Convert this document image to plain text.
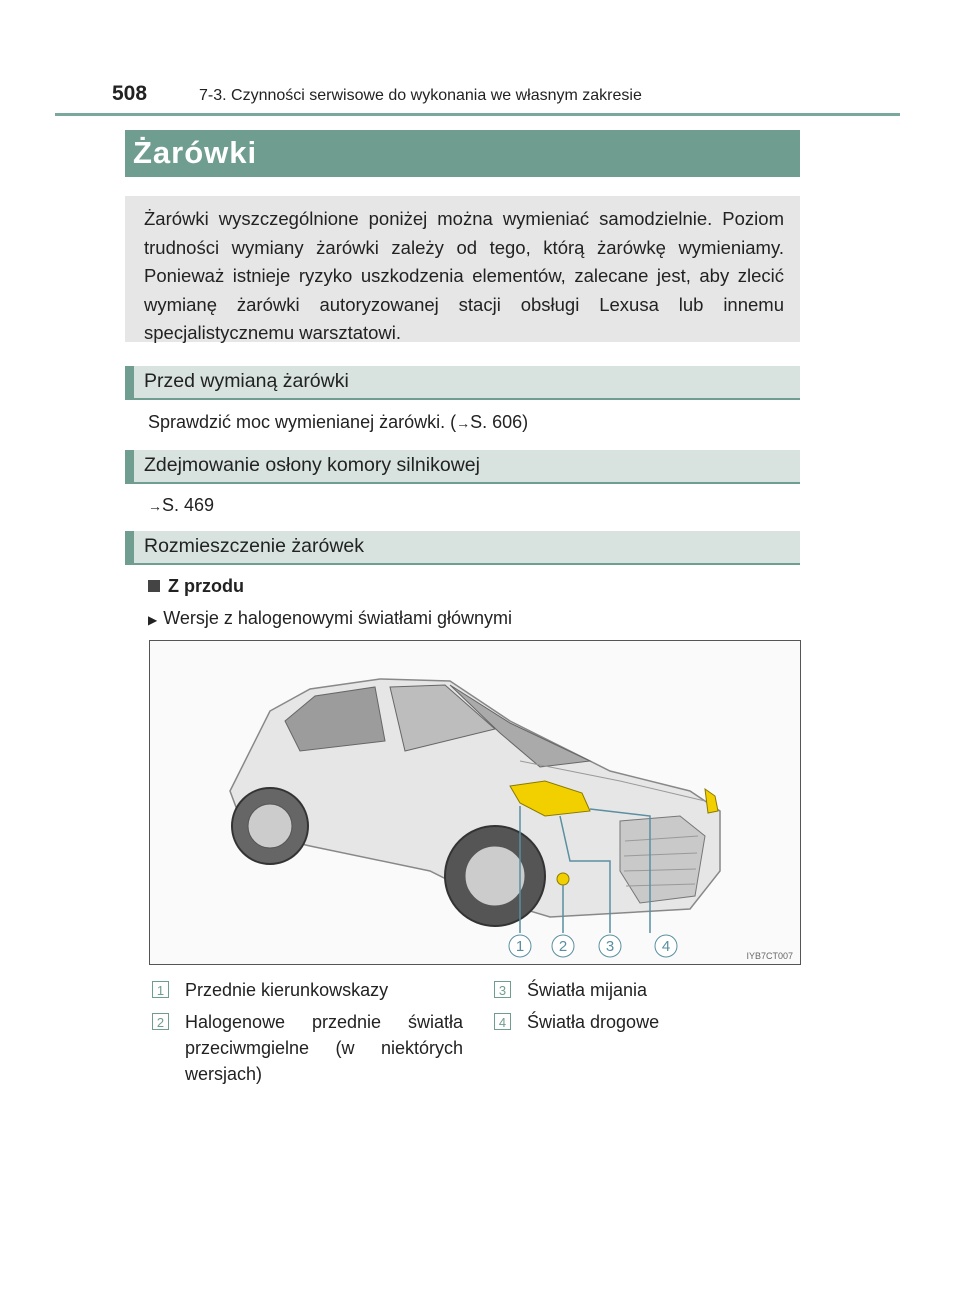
508	7-3. Czynności serwisowe do wykonania we własnym zakresie
Żarówki

Żarówki wyszczególnione poniżej można wymieniać samodzielnie. Poziom trudności wymiany żarówki zależy od tego, którą żarówkę wymieniamy. Ponieważ istnieje ryzyko uszkodzenia elementów, zalecane jest, aby zlecić wymianę żarówki autoryzowanej stacji obsługi Lexusa lub innemu specjalistycznemu warsztatowi.

Przed wymianą żarówki
Sprawdzić moc wymienianej żarówki. (→S. 606)
Zdejmowanie osłony komory silnikowej
→S. 469
Rozmieszczenie żarówek
Z przodu
▶ Wersje z halogenowymi światłami głównymi
1 2	3	4
IYB7CT007
1 Przednie kierunkowskazy
2 Halogenowe przednie światła przeciwmgielne (w niektórych wersjach)
3 Światła mijania
4 Światła drogowe
